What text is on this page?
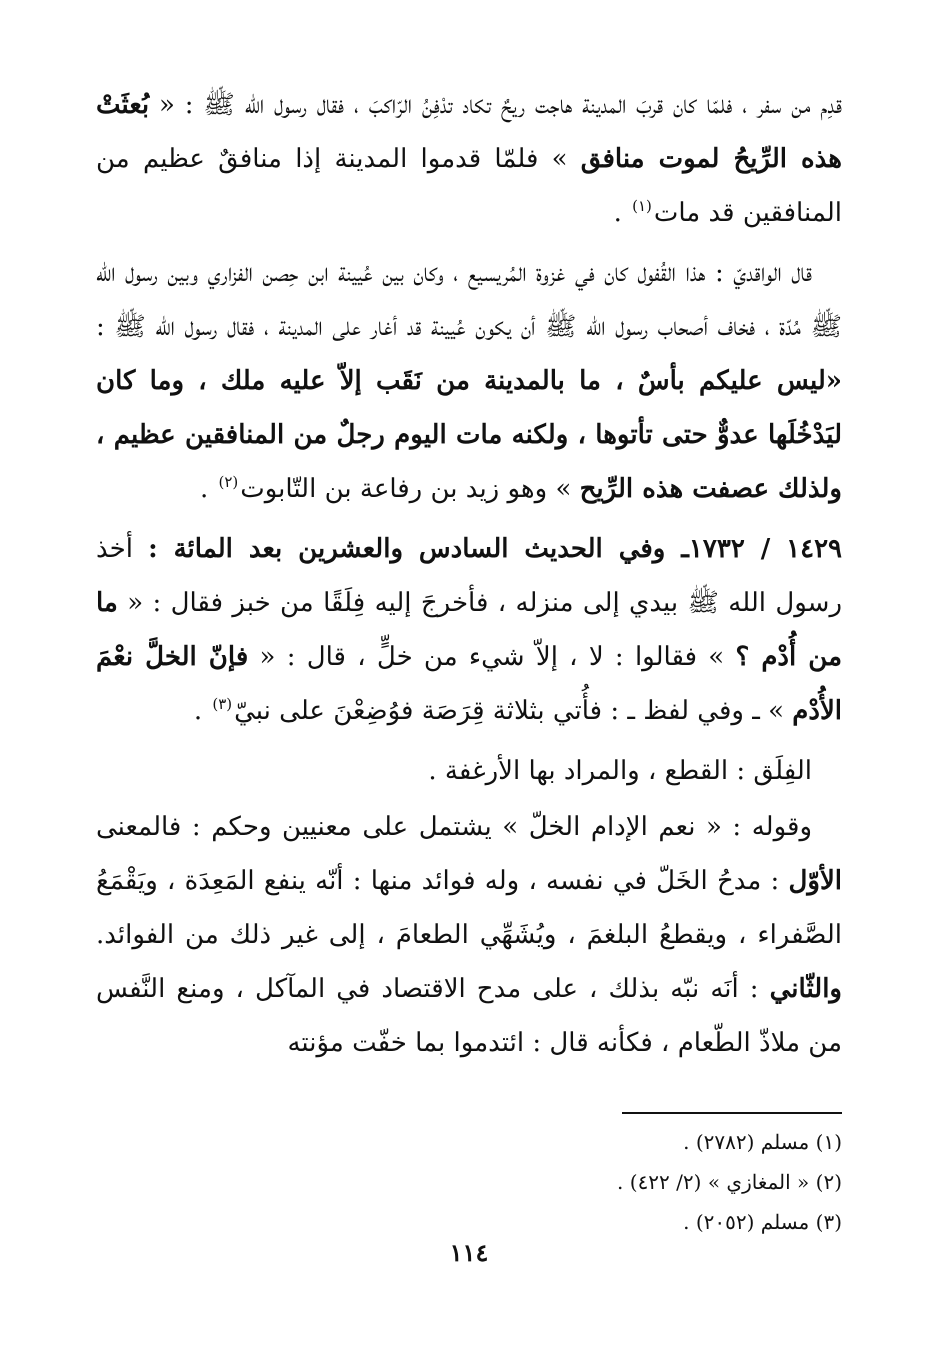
قدِم من سفر ، فلمّا كان قربَ المدينة هاجت ريحٌ تكاد تدْفِنُ الرّاكبَ ، فقال رسول الله ﷺ : « بُعثَتْ هذه الرِّيحُ لموت منافق » فلمّا قدموا المدينة إذا منافقٌ عظيم من المنافقين قد مات$^{(١)}$ .

قال الواقديّ : هذا القُفول كان في غزوة المُريسيع ، وكان بين عُيينة ابن حِصن الفزاري وبين رسول الله ﷺ مُدّة ، فخاف أصحاب رسول الله ﷺ أن يكون عُيينة قد أغار على المدينة ، فقال رسول الله ﷺ : «ليس عليكم بأسٌ ، ما بالمدينة من نَقَب إلاّ عليه ملك ، وما كان ليَدْخُلَها عدوٌّ حتى تأتوها ، ولكنه مات اليوم رجلٌ من المنافقين عظيم ، ولذلك عصفت هذه الرِّيح » وهو زيد بن رفاعة بن التّابوت$^{(٢)}$ .

١٤٢٩ / ١٧٣٢ـ وفي الحديث السادس والعشرين بعد المائة : أخذ رسول الله ﷺ بيدي إلى منزله ، فأخرجَ إليه فِلَقًا من خبز فقال : « ما من أُدْم ؟ » فقالوا : لا ، إلاّ شيء من خلٍّ ، قال : « فإنّ الخلَّ نعْمَ الأُدْم » ـ وفي لفظ ـ : فأُتي بثلاثة قِرَصَة فوُضِعْنَ على نبيّ$^{(٣)}$ .

الفِلَق : القطع ، والمراد بها الأرغفة .

وقوله : « نعم الإدام الخلّ » يشتمل على معنيين وحكم : فالمعنى الأوّل : مدحُ الخَلّ في نفسه ، وله فوائد منها : أنّه ينفع المَعِدَة ، ويَقْمَعُ الصَّفراء ، ويقطعُ البلغمَ ، ويُشَهِّي الطعامَ ، إلى غير ذلك من الفوائد. والثّاني : أنَه نبّه بذلك ، على مدح الاقتصاد في المآكل ، ومنع النَّفس من ملاذّ الطّعام ، فكأنه قال : ائتدموا بما خفّت مؤنته

(١) مسلم (٢٧٨٢) .

(٢) « المغازي » (٢/ ٤٢٢) .

(٣) مسلم (٢٠٥٢) .

١١٤
